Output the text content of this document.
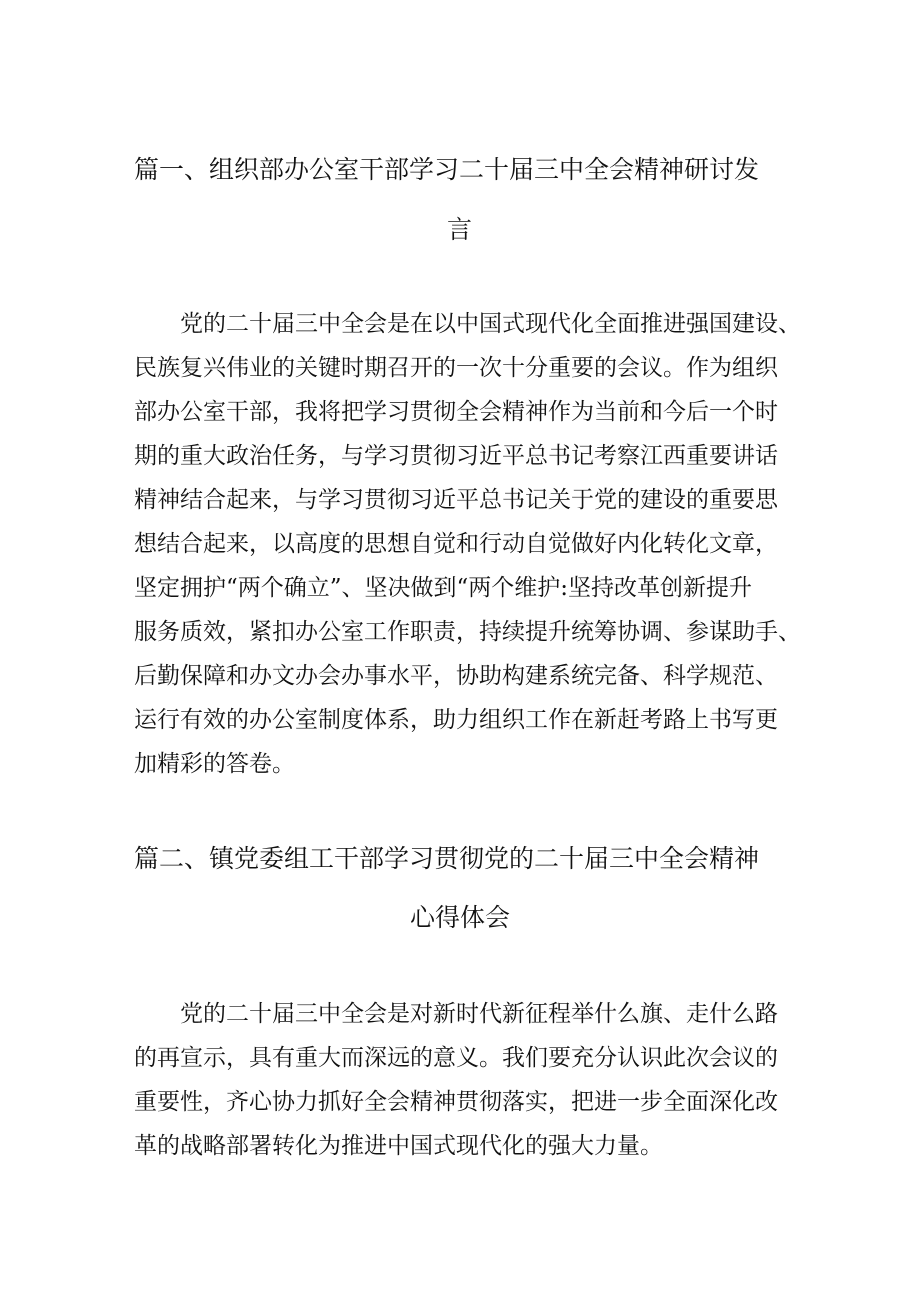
篇一、组织部办公室干部学习二十届三中全会精神研讨发
言
　　党的二十届三中全会是在以中国式现代化全面推进强国建设、
民族复兴伟业的关键时期召开的一次十分重要的会议。作为组织
部办公室干部，我将把学习贯彻全会精神作为当前和今后一个时
期的重大政治任务，与学习贯彻习近平总书记考察江西重要讲话
精神结合起来，与学习贯彻习近平总书记关于党的建设的重要思
想结合起来，以高度的思想自觉和行动自觉做好内化转化文章，
坚定拥护“两个确立”、坚决做到“两个维护:坚持改革创新提升
服务质效，紧扣办公室工作职责，持续提升统筹协调、参谋助手、
后勤保障和办文办会办事水平，协助构建系统完备、科学规范、
运行有效的办公室制度体系，助力组织工作在新赶考路上书写更
加精彩的答卷。
篇二、镇党委组工干部学习贯彻党的二十届三中全会精神
心得体会
　　党的二十届三中全会是对新时代新征程举什么旗、走什么路
的再宣示，具有重大而深远的意义。我们要充分认识此次会议的
重要性，齐心协力抓好全会精神贯彻落实，把进一步全面深化改
革的战略部署转化为推进中国式现代化的强大力量。
